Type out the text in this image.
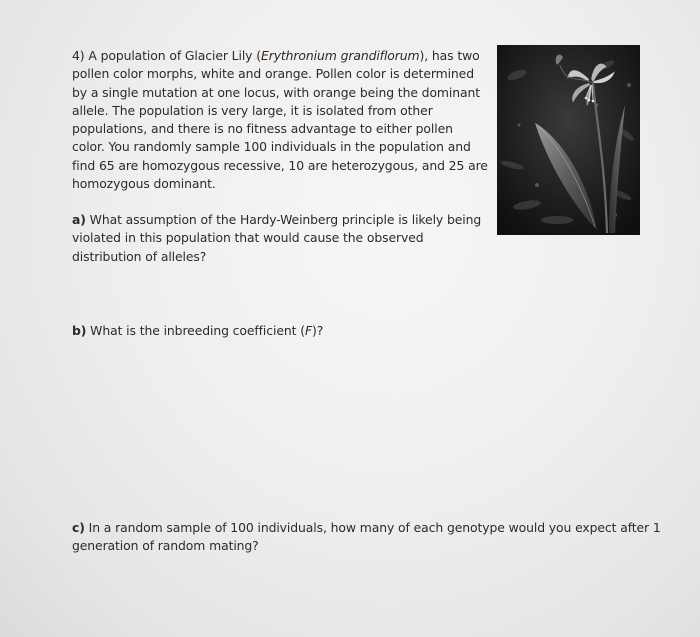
4) A population of Glacier Lily (Erythronium grandiflorum), has two
pollen color morphs, white and orange. Pollen color is determined
by a single mutation at one locus, with orange being the dominant
allele. The population is very large, it is isolated from other
populations, and there is no fitness advantage to either pollen
color. You randomly sample 100 individuals in the population and
find 65 are homozygous recessive, 10 are heterozygous, and 25 are
homozygous dominant.
a) What assumption of the Hardy-Weinberg principle is likely being
violated in this population that would cause the observed
distribution of alleles?
b) What is the inbreeding coefficient (F)?
c) In a random sample of 100 individuals, how many of each genotype would you expect after 1
generation of random mating?
